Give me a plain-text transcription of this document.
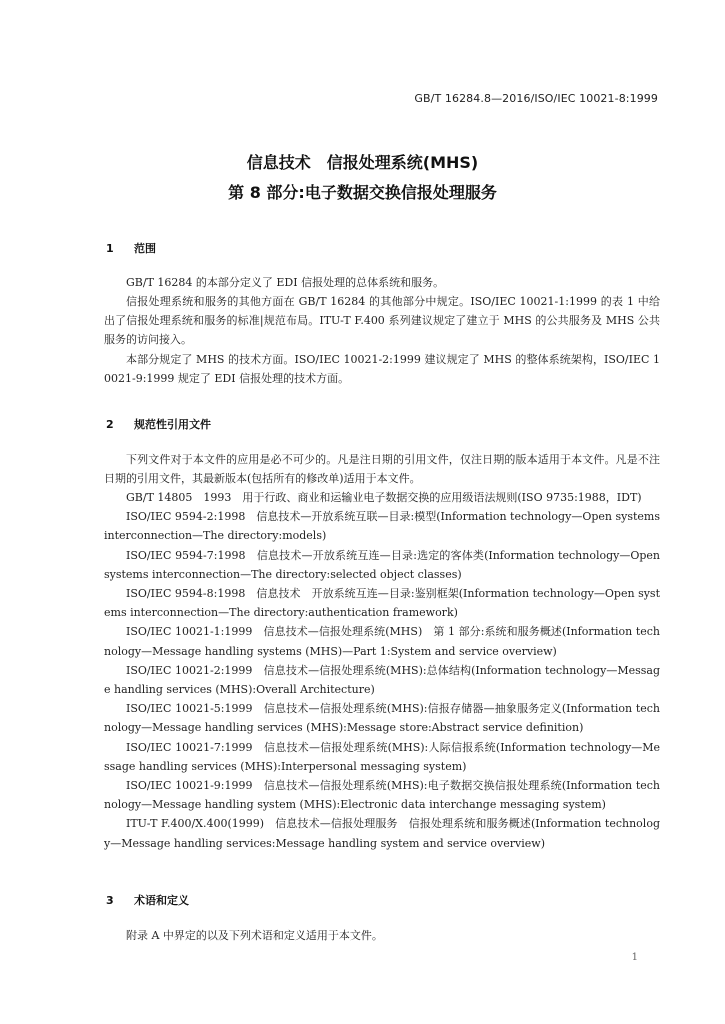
GB/T 16284.8—2016/ISO/IEC 10021-8:1999
信息技术　信报处理系统(MHS)
第 8 部分:电子数据交换信报处理服务
1 范围
GB/T 16284 的本部分定义了 EDI 信报处理的总体系统和服务。
信报处理系统和服务的其他方面在 GB/T 16284 的其他部分中规定。ISO/IEC 10021-1:1999 的表 1 中给出了信报处理系统和服务的标准|规范布局。ITU-T F.400 系列建议规定了建立于 MHS 的公共服务及 MHS 公共服务的访问接入。
本部分规定了 MHS 的技术方面。ISO/IEC 10021-2:1999 建议规定了 MHS 的整体系统架构，ISO/IEC 10021-9:1999 规定了 EDI 信报处理的技术方面。
2 规范性引用文件
下列文件对于本文件的应用是必不可少的。凡是注日期的引用文件，仅注日期的版本适用于本文件。凡是不注日期的引用文件，其最新版本(包括所有的修改单)适用于本文件。
GB/T 14805　1993　用于行政、商业和运输业电子数据交换的应用级语法规则(ISO 9735:1988，IDT)
ISO/IEC 9594-2:1998　信息技术—开放系统互联—目录:模型(Information technology—Open systems interconnection—The directory:models)
ISO/IEC 9594-7:1998　信息技术—开放系统互连—目录:选定的客体类(Information technology—Open systems interconnection—The directory:selected object classes)
ISO/IEC 9594-8:1998　信息技术　开放系统互连—目录:鉴别框架(Information technology—Open systems interconnection—The directory:authentication framework)
ISO/IEC 10021-1:1999　信息技术—信报处理系统(MHS)　第 1 部分:系统和服务概述(Information technology—Message handling systems (MHS)—Part 1:System and service overview)
ISO/IEC 10021-2:1999　信息技术—信报处理系统(MHS):总体结构(Information technology—Message handling services (MHS):Overall Architecture)
ISO/IEC 10021-5:1999　信息技术—信报处理系统(MHS):信报存储器—抽象服务定义(Information technology—Message handling services (MHS):Message store:Abstract service definition)
ISO/IEC 10021-7:1999　信息技术—信报处理系统(MHS):人际信报系统(Information technology—Message handling services (MHS):Interpersonal messaging system)
ISO/IEC 10021-9:1999　信息技术—信报处理系统(MHS):电子数据交换信报处理系统(Information technology—Message handling system (MHS):Electronic data interchange messaging system)
ITU-T F.400/X.400(1999)　信息技术—信报处理服务　信报处理系统和服务概述(Information technology—Message handling services:Message handling system and service overview)
3 术语和定义
附录 A 中界定的以及下列术语和定义适用于本文件。
1
